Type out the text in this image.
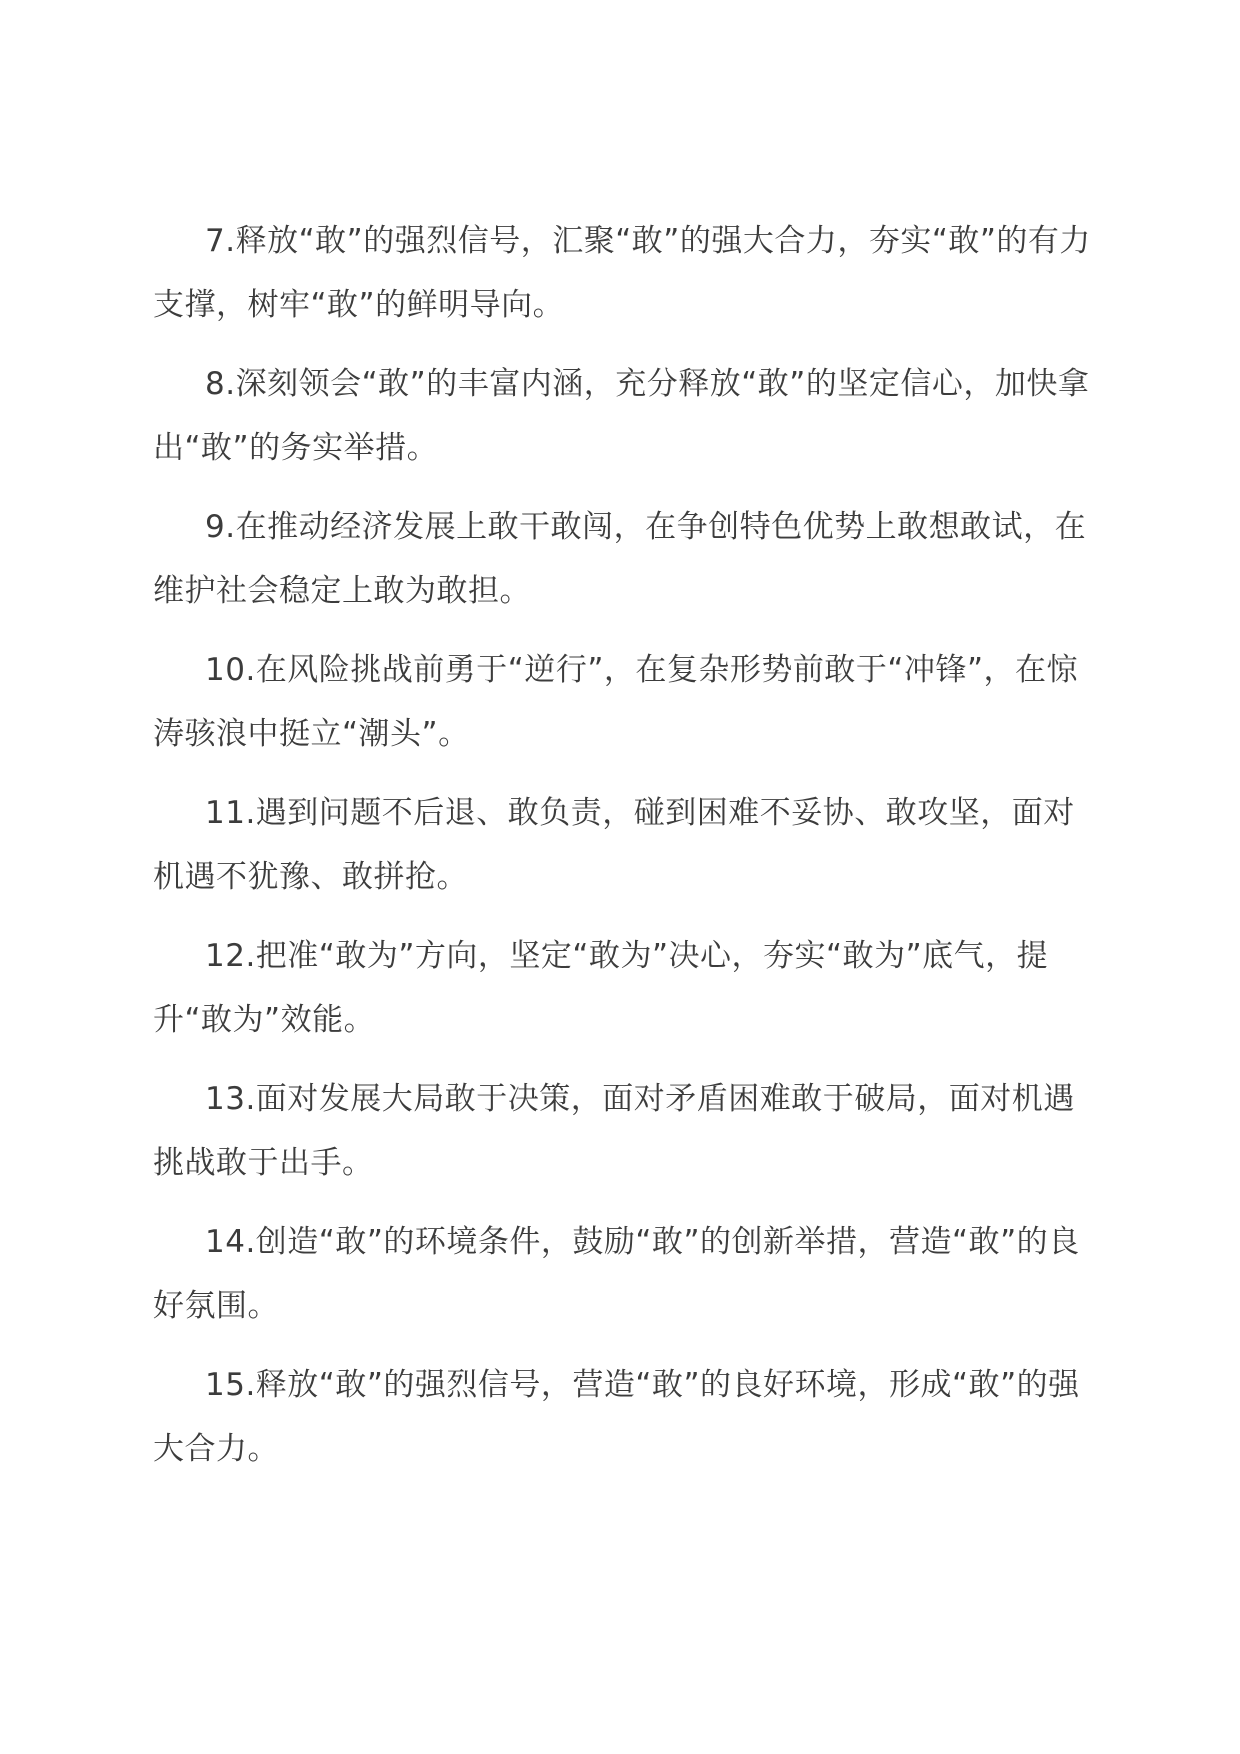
7.释放“敢”的强烈信号，汇聚“敢”的强大合力，夯实“敢”的有力支撑，树牢“敢”的鲜明导向。

8.深刻领会“敢”的丰富内涵，充分释放“敢”的坚定信心，加快拿出“敢”的务实举措。

9.在推动经济发展上敢干敢闯，在争创特色优势上敢想敢试，在维护社会稳定上敢为敢担。

10.在风险挑战前勇于“逆行”，在复杂形势前敢于“冲锋”，在惊涛骇浪中挺立“潮头”。

11.遇到问题不后退、敢负责，碰到困难不妥协、敢攻坚，面对机遇不犹豫、敢拼抢。

12.把准“敢为”方向，坚定“敢为”决心，夯实“敢为”底气，提升“敢为”效能。

13.面对发展大局敢于决策，面对矛盾困难敢于破局，面对机遇挑战敢于出手。

14.创造“敢”的环境条件，鼓励“敢”的创新举措，营造“敢”的良好氛围。

15.释放“敢”的强烈信号，营造“敢”的良好环境，形成“敢”的强大合力。
